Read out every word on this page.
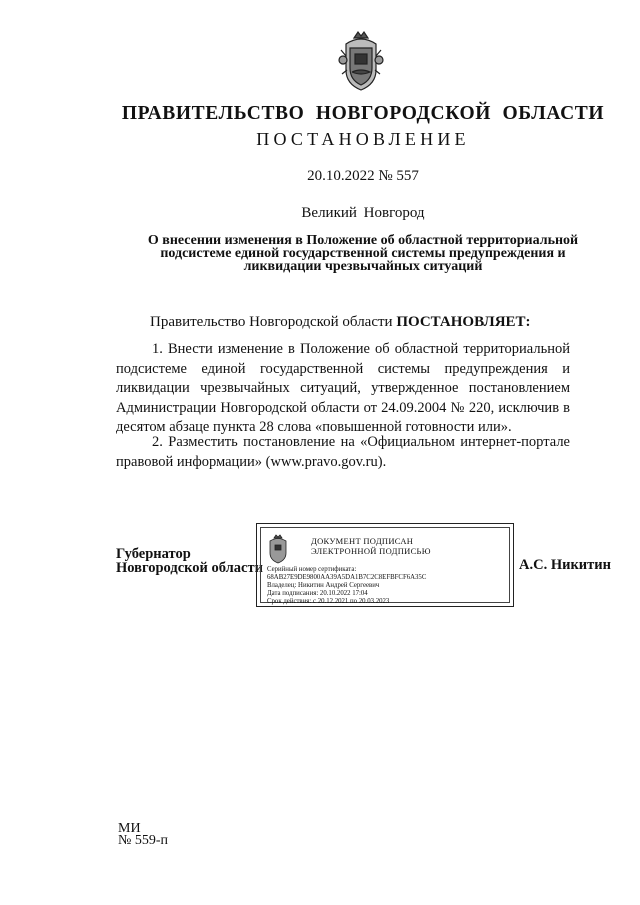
ПРАВИТЕЛЬСТВО НОВГОРОДСКОЙ ОБЛАСТИ
ПОСТАНОВЛЕНИЕ
20.10.2022 № 557
Великий Новгород
О внесении изменения в Положение об областной территориальной подсистеме единой государственной системы предупреждения и ликвидации чрезвычайных ситуаций
Правительство Новгородской области ПОСТАНОВЛЯЕТ:
1. Внести изменение в Положение об областной территориальной подсистеме единой государственной системы предупреждения и ликвидации чрезвычайных ситуаций, утвержденное постановлением Администрации Новгородской области от 24.09.2004 № 220, исключив в десятом абзаце пункта 28 слова «повышенной готовности или».
2. Разместить постановление на «Официальном интернет-портале правовой информации» (www.pravo.gov.ru).
Губернатор
Новгородской области
ДОКУМЕНТ ПОДПИСАН
ЭЛЕКТРОННОЙ ПОДПИСЬЮ
Серийный номер сертификата:
68AB27E9DE9800AA39A5DA1B7C2C8EFBFCF6A35C
Владелец: Никитин Андрей Сергеевич
Дата подписания: 20.10.2022 17:04
Срок действия: с 20.12.2021 по 20.03.2023
А.С. Никитин
МИ
№ 559-п
